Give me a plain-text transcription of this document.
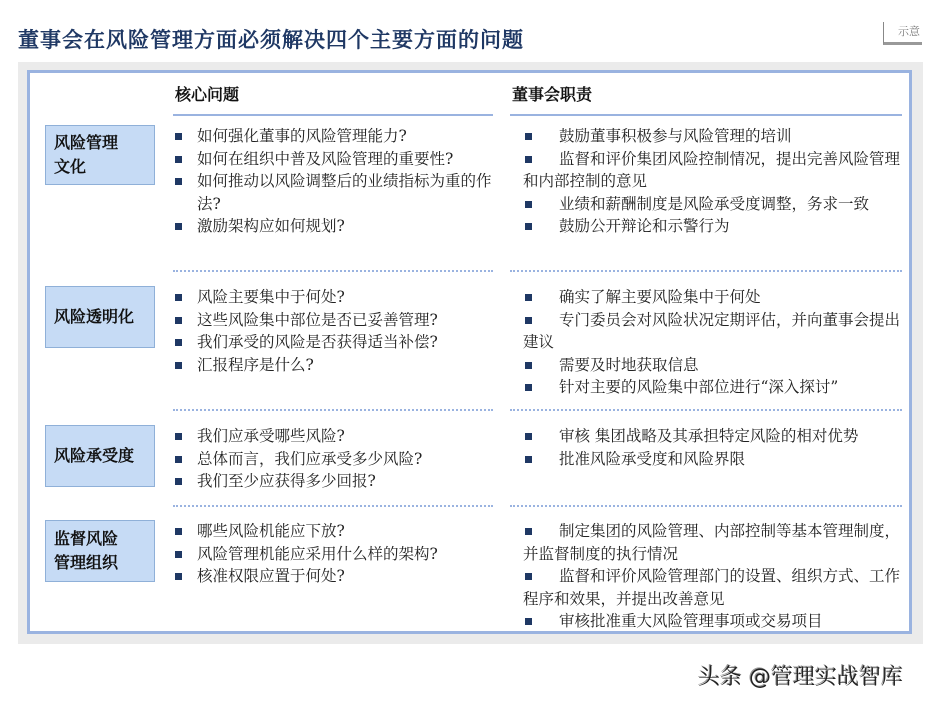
董事会在风险管理方面必须解决四个主要方面的问题	示意
核心问题	董事会职责
风险管理
文化
如何强化董事的风险管理能力?
如何在组织中普及风险管理的重要性?
如何推动以风险调整后的业绩指标为重的作法?
激励架构应如何规划?
鼓励董事积极参与风险管理的培训
监督和评价集团风险控制情况，提出完善风险管理和内部控制的意见
业绩和薪酬制度是风险承受度调整，务求一致
鼓励公开辩论和示警行为
风险透明化
风险主要集中于何处?
这些风险集中部位是否已妥善管理?
我们承受的风险是否获得适当补偿?
汇报程序是什么?
确实了解主要风险集中于何处
专门委员会对风险状况定期评估，并向董事会提出建议
需要及时地获取信息
针对主要的风险集中部位进行“深入探讨”
风险承受度
我们应承受哪些风险?
总体而言，我们应承受多少风险?
我们至少应获得多少回报?
审核 集团战略及其承担特定风险的相对优势
批准风险承受度和风险界限
监督风险
管理组织
哪些风险机能应下放?
风险管理机能应采用什么样的架构?
核准权限应置于何处?
制定集团的风险管理、内部控制等基本管理制度，并监督制度的执行情况
监督和评价风险管理部门的设置、组织方式、工作程序和效果，并提出改善意见
审核批准重大风险管理事项或交易项目
头条 @管理实战智库
